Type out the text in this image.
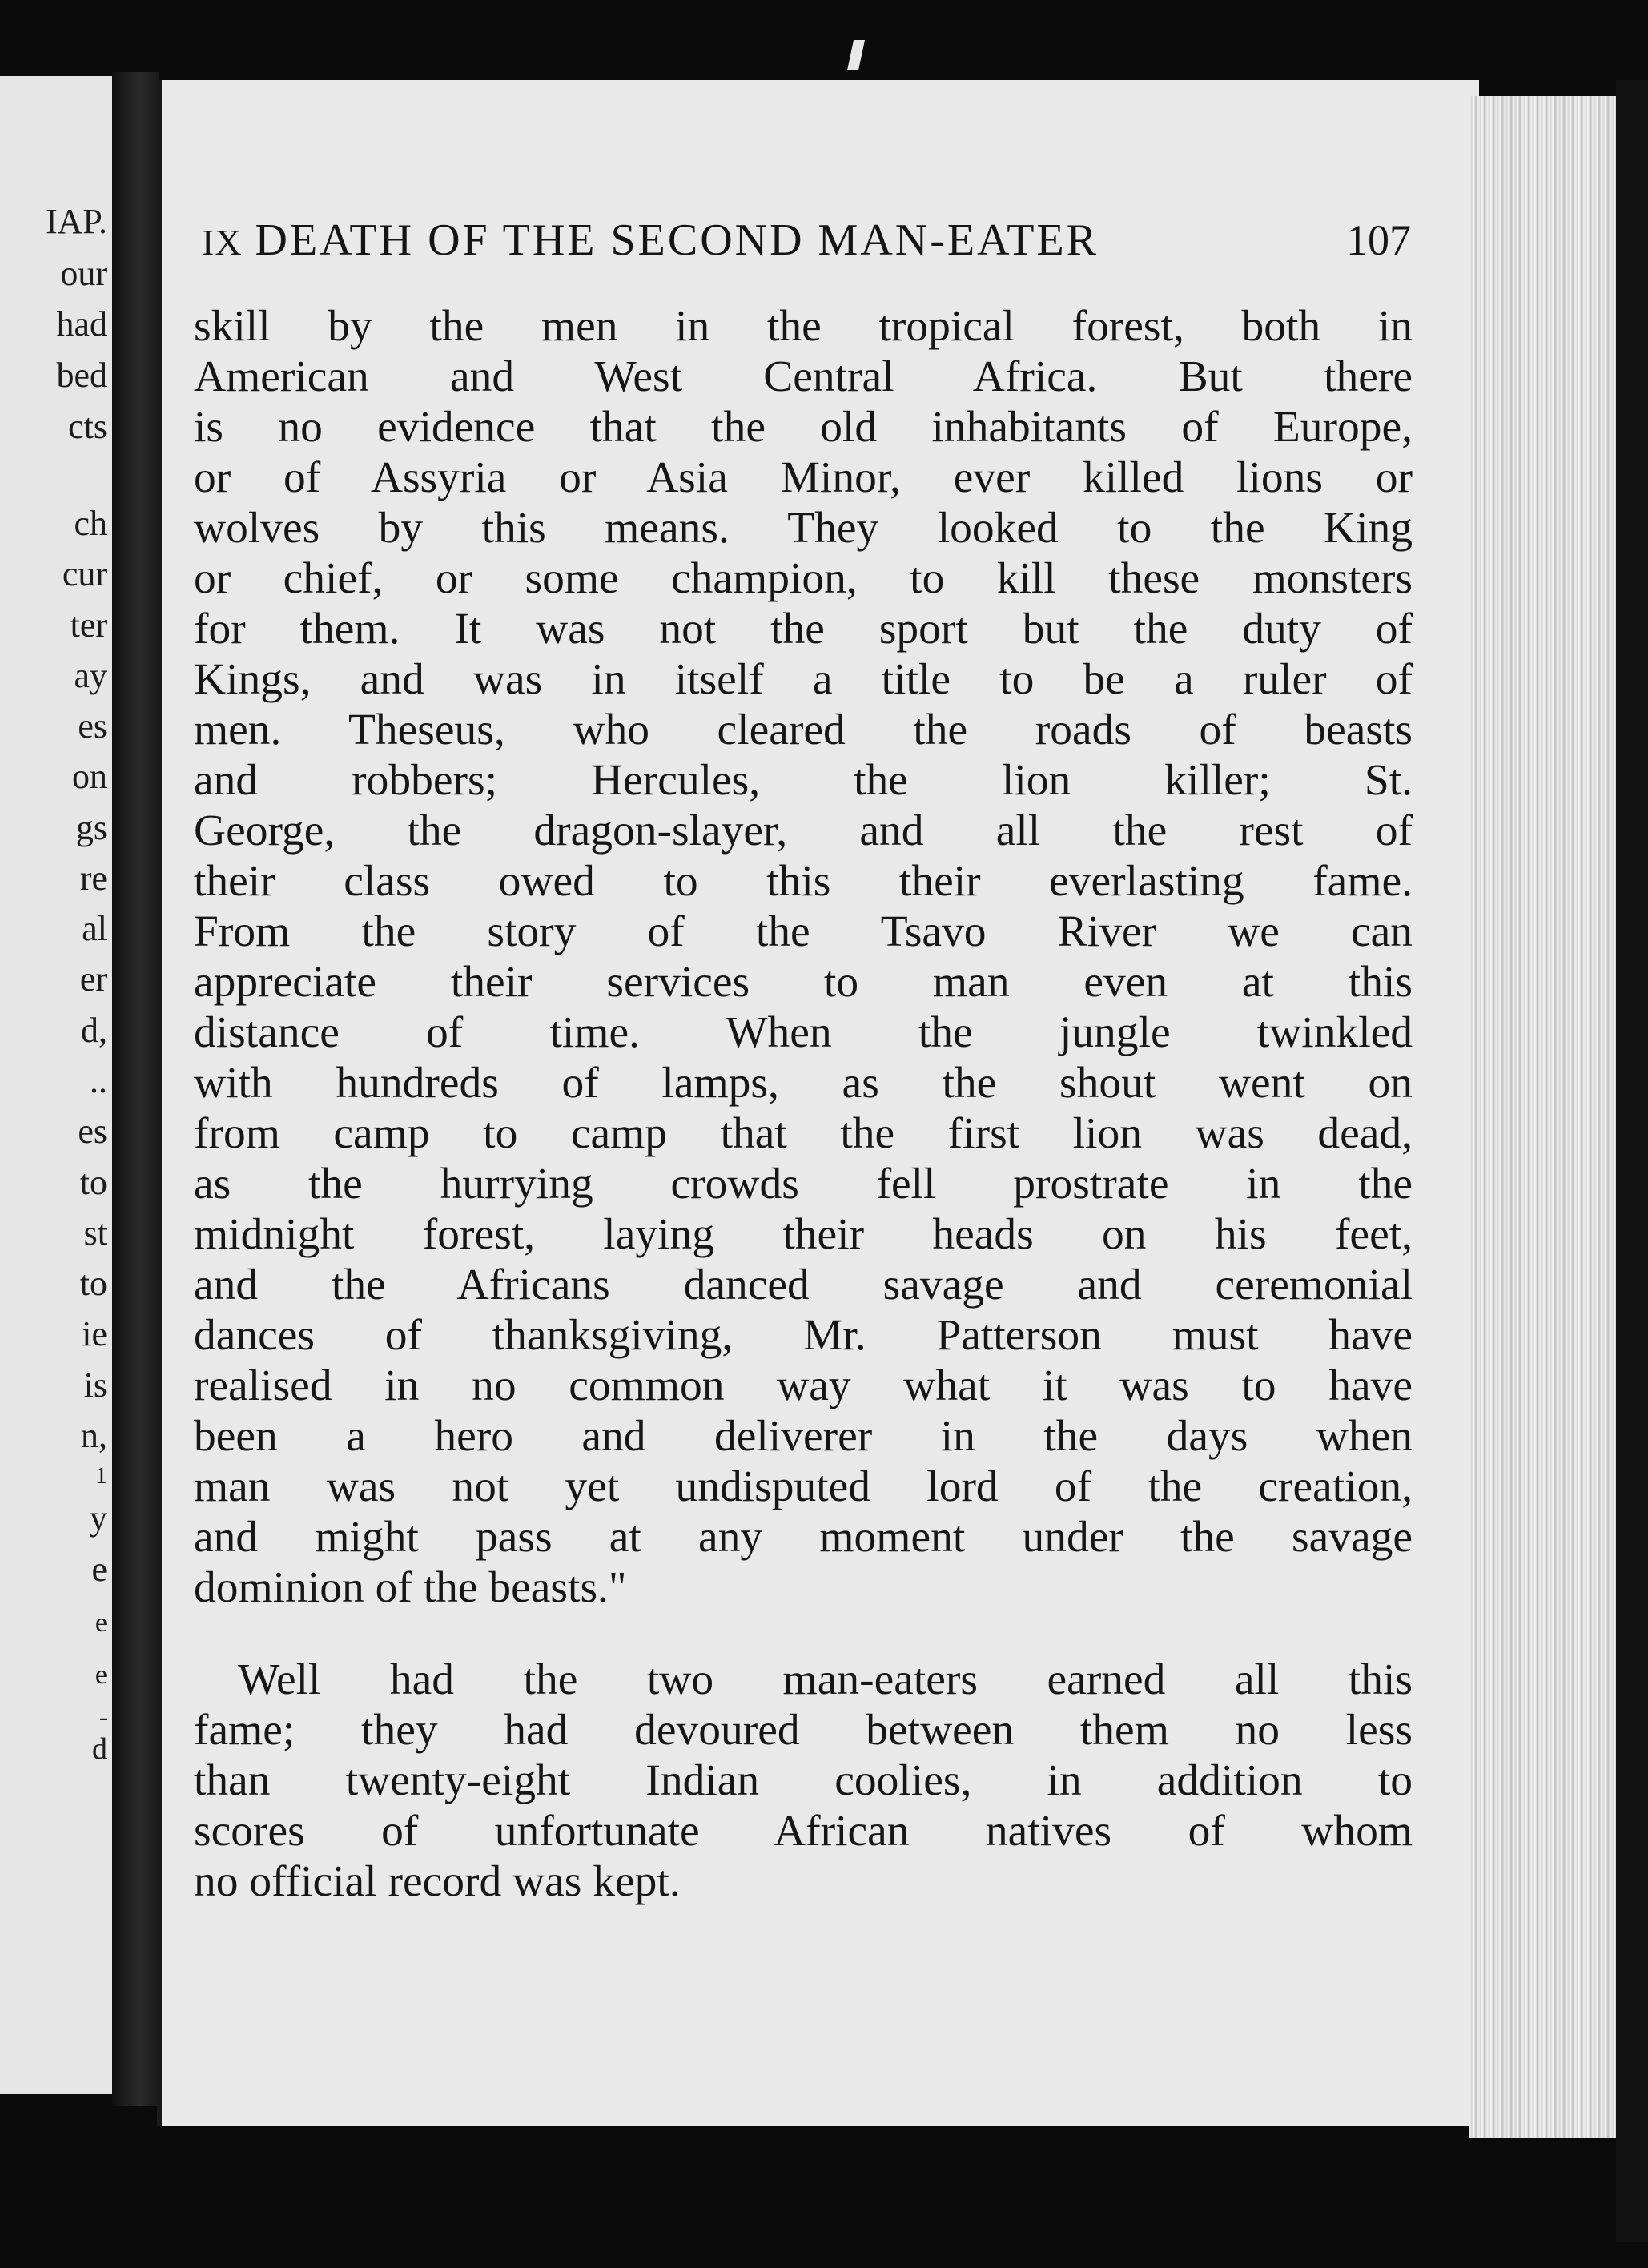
IAP.
our
had
bed
cts
ch
cur
ter
ay
es
on
gs
re
al
er
d,
..
es
to
st
to
ie
is
n,
1
y
e
e
e
-
d
IX DEATH OF THE SECOND MAN-EATER	107
skill by the men in the tropical forest, both in
American and West Central Africa. But there
is no evidence that the old inhabitants of Europe,
or of Assyria or Asia Minor, ever killed lions or
wolves by this means. They looked to the King
or chief, or some champion, to kill these monsters
for them. It was not the sport but the duty of
Kings, and was in itself a title to be a ruler of
men. Theseus, who cleared the roads of beasts
and robbers; Hercules, the lion killer; St.
George, the dragon-slayer, and all the rest of
their class owed to this their everlasting fame.
From the story of the Tsavo River we can
appreciate their services to man even at this
distance of time. When the jungle twinkled
with hundreds of lamps, as the shout went on
from camp to camp that the first lion was dead,
as the hurrying crowds fell prostrate in the
midnight forest, laying their heads on his feet,
and the Africans danced savage and ceremonial
dances of thanksgiving, Mr. Patterson must have
realised in no common way what it was to have
been a hero and deliverer in the days when
man was not yet undisputed lord of the creation,
and might pass at any moment under the savage
dominion of the beasts."
Well had the two man-eaters earned all this
fame; they had devoured between them no less
than twenty-eight Indian coolies, in addition to
scores of unfortunate African natives of whom
no official record was kept.
